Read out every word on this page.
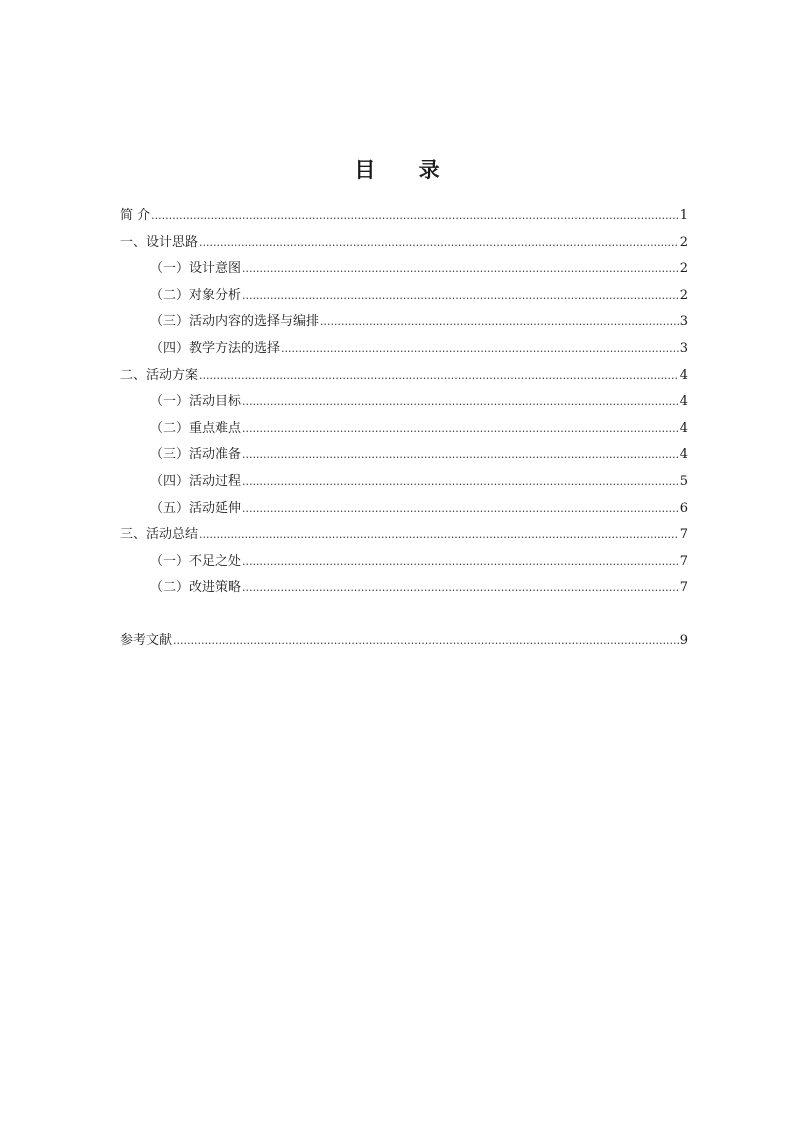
目 录
简 介 .....	1
一、设计思路 .....	2
（一）设计意图 .....	2
（二）对象分析 .....	2
（三）活动内容的选择与编排 .....	3
（四）教学方法的选择 .....	3
二、活动方案 .....	4
（一）活动目标 .....	4
（二）重点难点 .....	4
（三）活动准备 .....	4
（四）活动过程 .....	5
（五）活动延伸 .....	6
三、活动总结 .....	7
（一）不足之处 .....	7
（二）改进策略 .....	7
参考文献 .....	9
